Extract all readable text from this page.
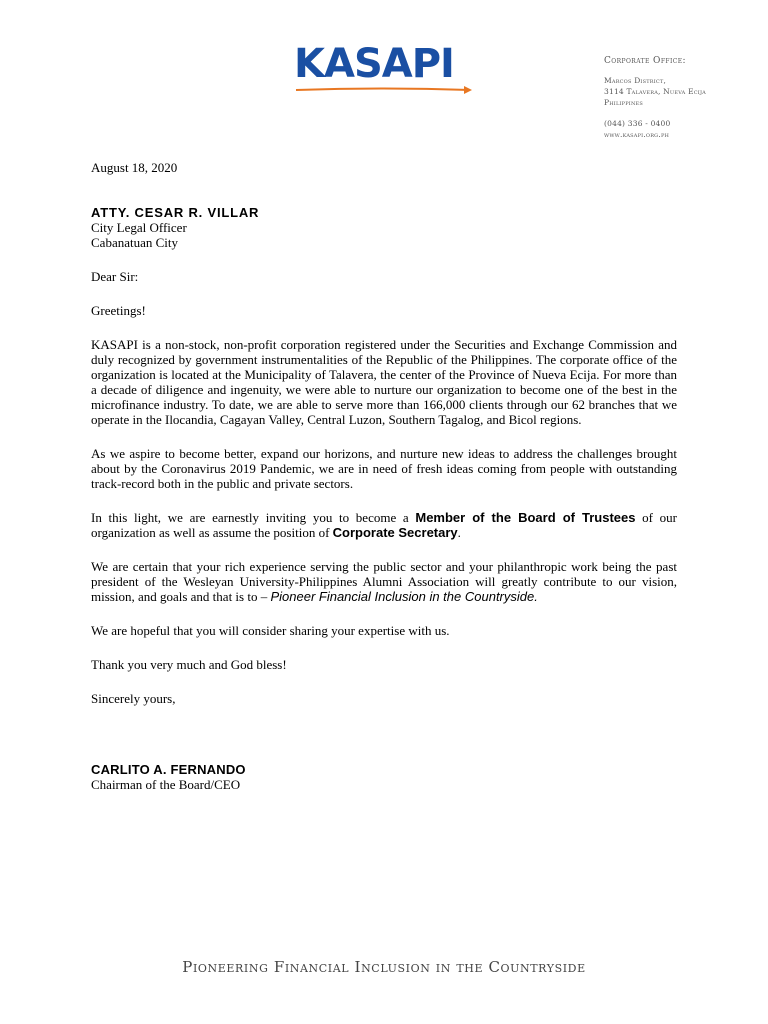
KASAPI	Corporate Office:
Marcos District,
3114 Talavera, Nueva Ecija
Philippines
(044) 336 - 0400
www.kasapi.org.ph
August 18, 2020
ATTY. CESAR R. VILLAR
City Legal Officer
Cabanatuan City
Dear Sir:
Greetings!

KASAPI is a non-stock, non-profit corporation registered under the Securities and Exchange Commission and duly recognized by government instrumentalities of the Republic of the Philippines. The corporate office of the organization is located at the Municipality of Talavera, the center of the Province of Nueva Ecija. For more than a decade of diligence and ingenuity, we were able to nurture our organization to become one of the best in the microfinance industry. To date, we are able to serve more than 166,000 clients through our 62 branches that we operate in the Ilocandia, Cagayan Valley, Central Luzon, Southern Tagalog, and Bicol regions.

As we aspire to become better, expand our horizons, and nurture new ideas to address the challenges brought about by the Coronavirus 2019 Pandemic, we are in need of fresh ideas coming from people with outstanding track-record both in the public and private sectors.

In this light, we are earnestly inviting you to become a Member of the Board of Trustees of our organization as well as assume the position of Corporate Secretary.

We are certain that your rich experience serving the public sector and your philanthropic work being the past president of the Wesleyan University-Philippines Alumni Association will greatly contribute to our vision, mission, and goals and that is to – Pioneer Financial Inclusion in the Countryside.

We are hopeful that you will consider sharing your expertise with us.
Thank you very much and God bless!
Sincerely yours,
CARLITO A. FERNANDO
Chairman of the Board/CEO
Pioneering Financial Inclusion in the Countryside
